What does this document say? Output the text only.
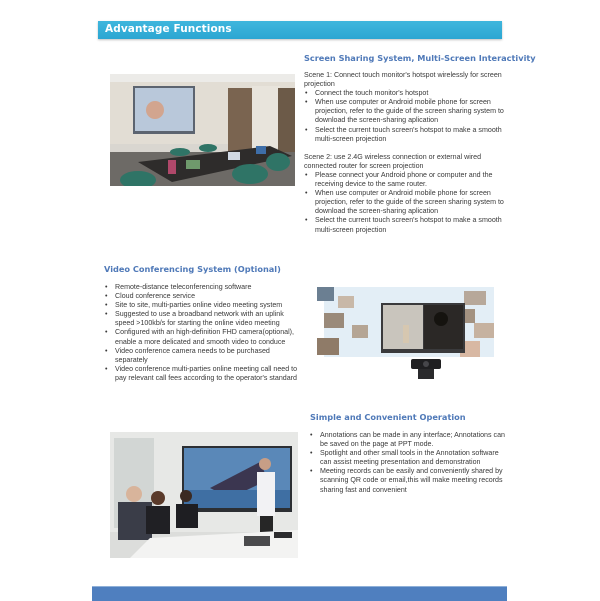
Advantage Functions
Screen Sharing System, Multi-Screen Interactivity

Scene 1: Connect touch monitor's hotspot wirelessly for screen projection

• Connect the touch monitor's hotspot
• When use computer or Android mobile phone for screen projection, refer to the guide of the screen sharing system to download the screen-sharing aplication
• Select the current touch screen's hotspot to make a smooth multi-screen projection

Scene 2: use 2.4G wireless connection or external wired connected router for screen projection

• Please connect your Android phone or computer and the receiving device to the same router.
• When use computer or Android mobile phone for screen projection, refer to the guide of the screen sharing system to download the screen-sharing aplication
• Select the current touch screen's hotspot to make a smooth multi-screen projection
Video Conferencing System (Optional)
• Remote-distance teleconferencing software
• Cloud conference service
• Site to site, multi-parties online video meeting system
• Suggested to use a broadband network with an uplink speed >100kb/s for starting the online video meeting
• Configured with an high-definition FHD camera(optional), enable a more delicated and smooth video to conduce
• Video conference camera needs to be purchased separately
• Video conference multi-parties online meeting call need to pay relevant call fees according to the operator's standard
Simple and Convenient Operation
• Annotations can be made in any interface; Annotations can be saved on the page at PPT mode.
• Spotlight and other small tools in the Annotation software can assist meeting presentation and demonstration
• Meeting records can be easily and conveniently shared by scanning QR code or email,this will make meeting records sharing fast and convenient
